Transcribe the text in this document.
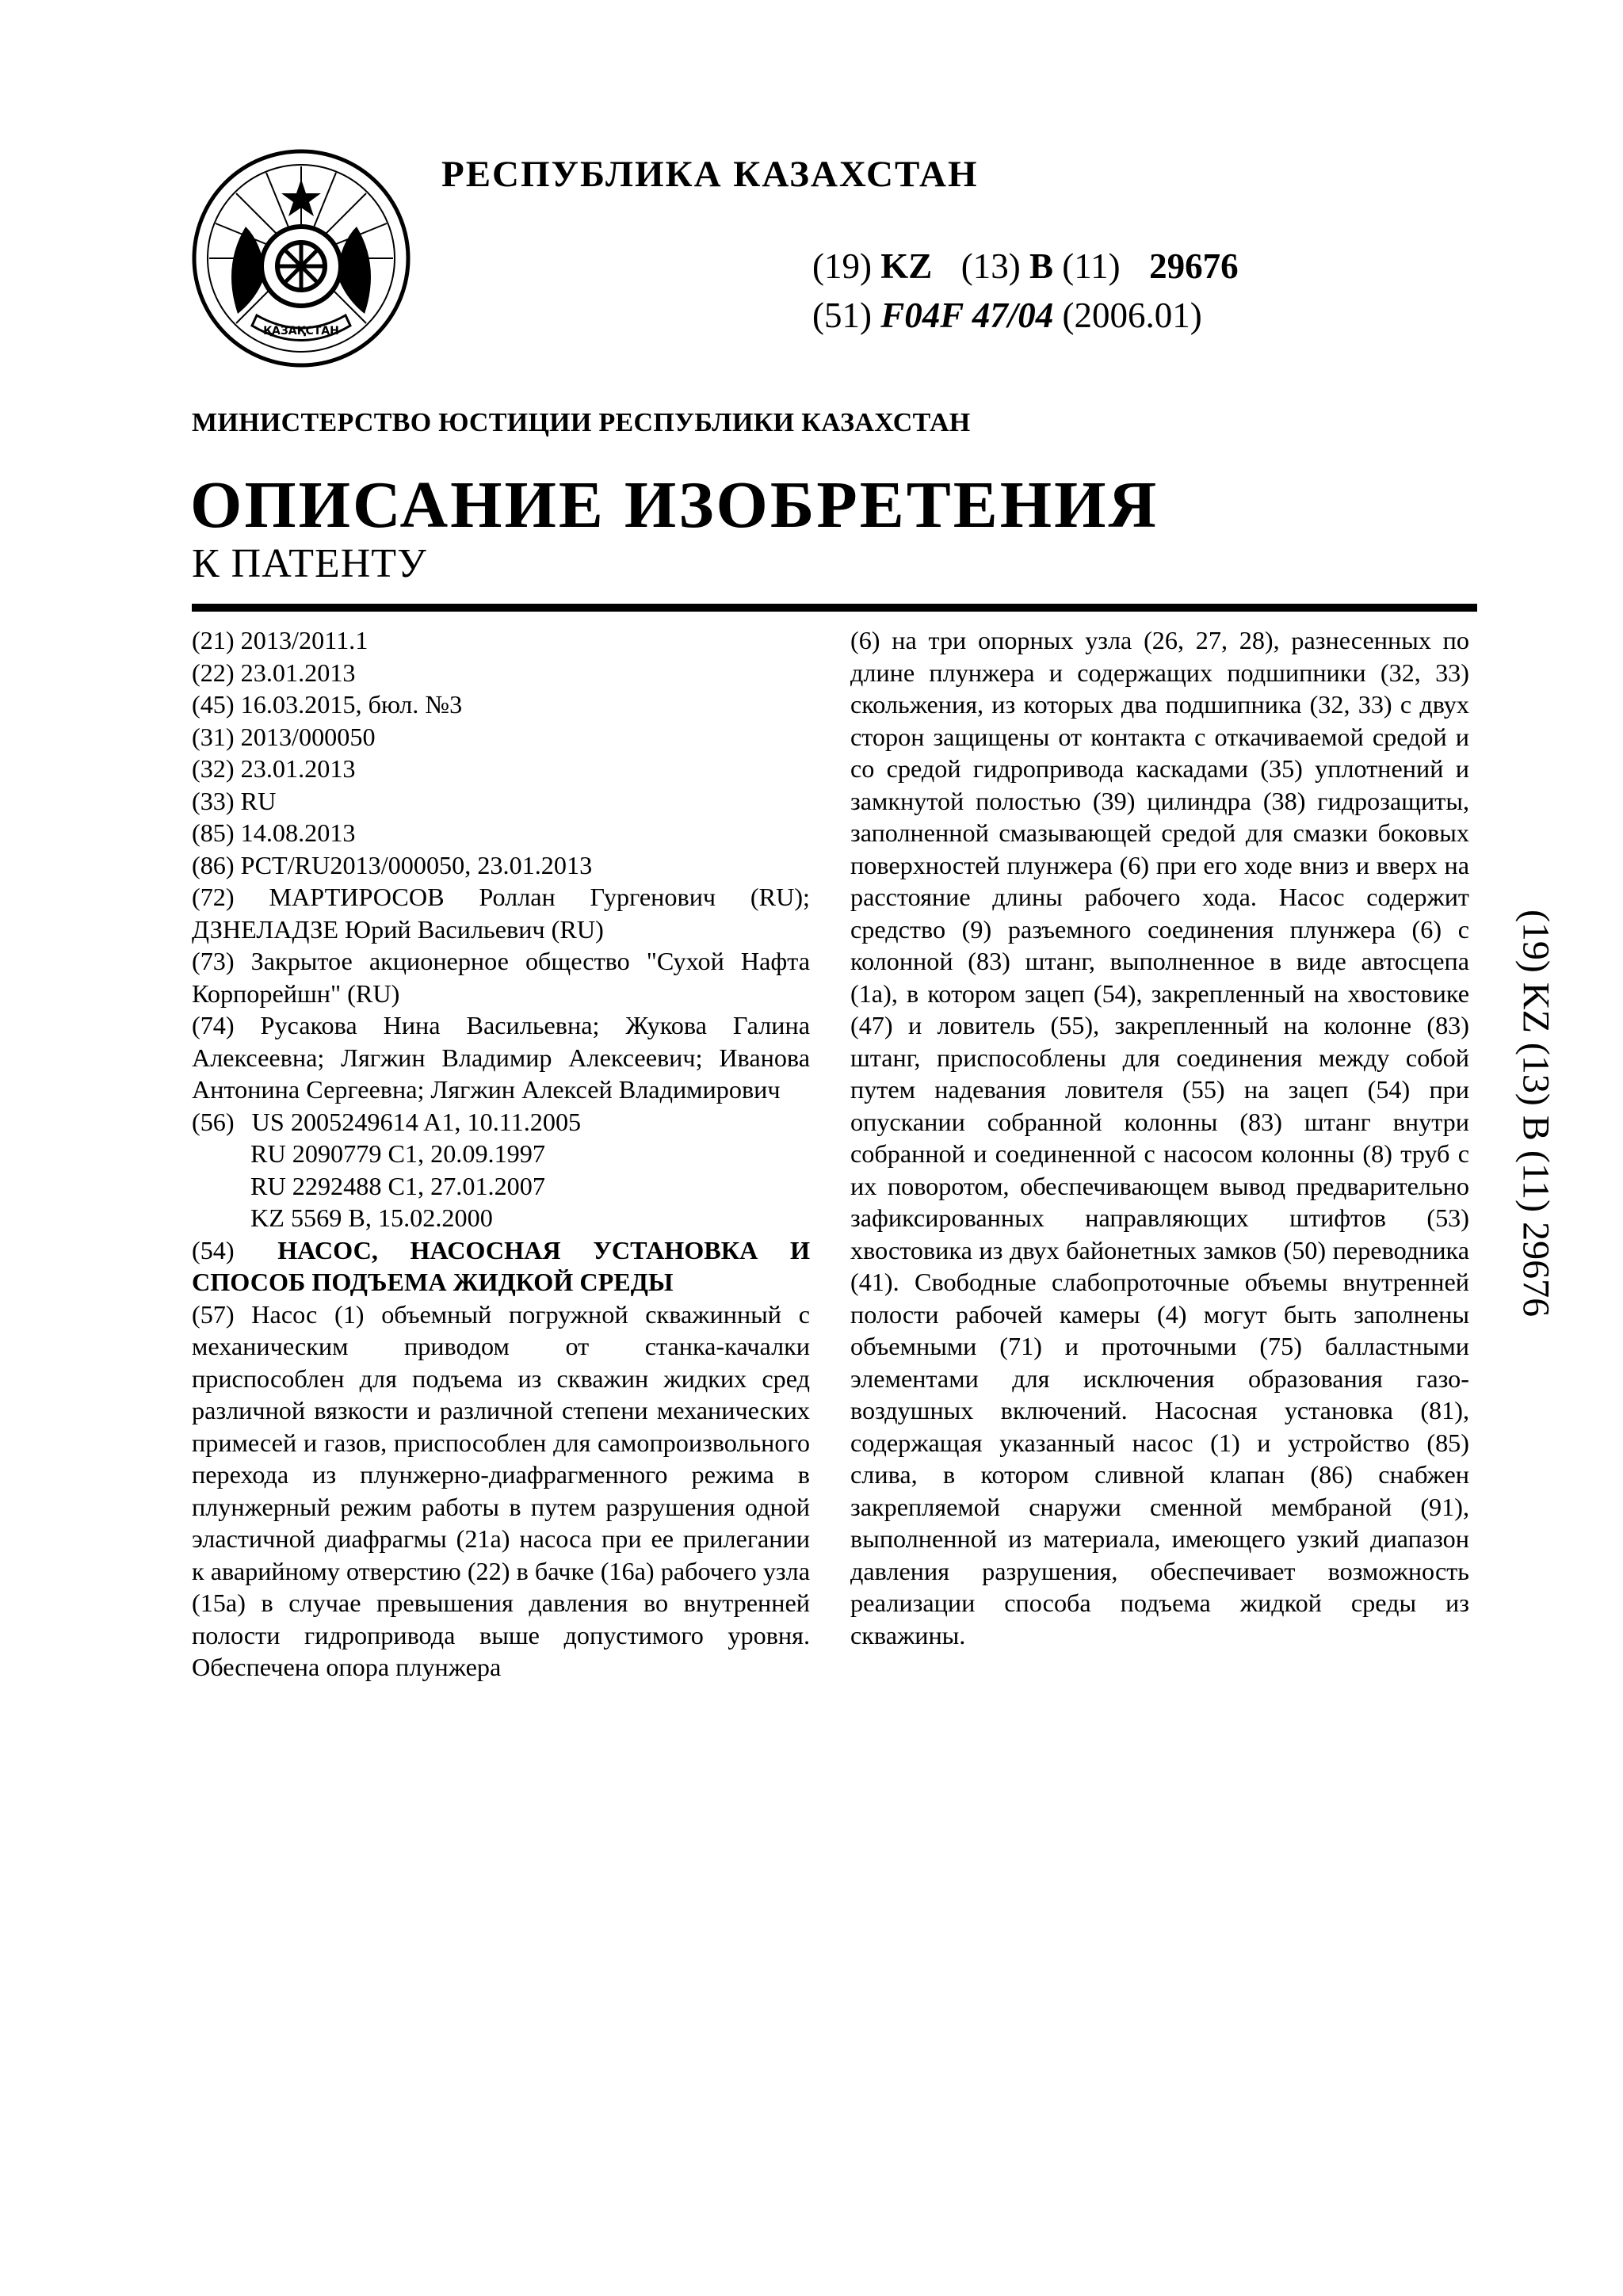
ҚАЗАҚСТАН
РЕСПУБЛИКА КАЗАХСТАН
(19) KZ (13) B (11) 29676
(51) F04F 47/04 (2006.01)
МИНИСТЕРСТВО ЮСТИЦИИ РЕСПУБЛИКИ КАЗАХСТАН
ОПИСАНИЕ ИЗОБРЕТЕНИЯ
К ПАТЕНТУ

(21) 2013/2011.1

(22) 23.01.2013

(45) 16.03.2015, бюл. №3

(31) 2013/000050

(32) 23.01.2013

(33) RU

(85) 14.08.2013

(86) PCT/RU2013/000050, 23.01.2013

(72) МАРТИРОСОВ Роллан Гургенович (RU); ДЗНЕЛАДЗЕ Юрий Васильевич (RU)

(73) Закрытое акционерное общество "Сухой Нафта Корпорейшн" (RU)

(74) Русакова Нина Васильевна; Жукова Галина Алексеевна; Лягжин Владимир Алексеевич; Иванова Антонина Сергеевна; Лягжин Алексей Владимирович

(56) US 2005249614 A1, 10.11.2005

RU 2090779 C1, 20.09.1997

RU 2292488 C1, 27.01.2007

KZ 5569 B, 15.02.2000

(54) НАСОС, НАСОСНАЯ УСТАНОВКА И СПОСОБ ПОДЪЕМА ЖИДКОЙ СРЕДЫ

(57) Насос (1) объемный погружной скважинный с механическим приводом от станка-качалки приспособлен для подъема из скважин жидких сред различной вязкости и различной степени механических примесей и газов, приспособлен для самопроизвольного перехода из плунжерно-диафрагменного режима в плунжерный режим работы в путем разрушения одной эластичной диафрагмы (21а) насоса при ее прилегании к аварийному отверстию (22) в бачке (16а) рабочего узла (15а) в случае превышения давления во внутренней полости гидропривода выше допустимого уровня. Обеспечена опора плунжера

(6) на три опорных узла (26, 27, 28), разнесенных по длине плунжера и содержащих подшипники (32, 33) скольжения, из которых два подшипника (32, 33) с двух сторон защищены от контакта с откачиваемой средой и со средой гидропривода каскадами (35) уплотнений и замкнутой полостью (39) цилиндра (38) гидрозащиты, заполненной смазывающей средой для смазки боковых поверхностей плунжера (6) при его ходе вниз и вверх на расстояние длины рабочего хода. Насос содержит средство (9) разъемного соединения плунжера (6) с колонной (83) штанг, выполненное в виде автосцепа (1а), в котором зацеп (54), закрепленный на хвостовике (47) и ловитель (55), закрепленный на колонне (83) штанг, приспособлены для соединения между собой путем надевания ловителя (55) на зацеп (54) при опускании собранной колонны (83) штанг внутри собранной и соединенной с насосом колонны (8) труб с их поворотом, обеспечивающем вывод предварительно зафиксированных направляющих штифтов (53) хвостовика из двух байонетных замков (50) переводника (41). Свободные слабопроточные объемы внутренней полости рабочей камеры (4) могут быть заполнены объемными (71) и проточными (75) балластными элементами для исключения образования газо-воздушных включений. Насосная установка (81), содержащая указанный насос (1) и устройство (85) слива, в котором сливной клапан (86) снабжен закрепляемой снаружи сменной мембраной (91), выполненной из материала, имеющего узкий диапазон давления разрушения, обеспечивает возможность реализации способа подъема жидкой среды из скважины.

(19) KZ (13) B (11) 29676
